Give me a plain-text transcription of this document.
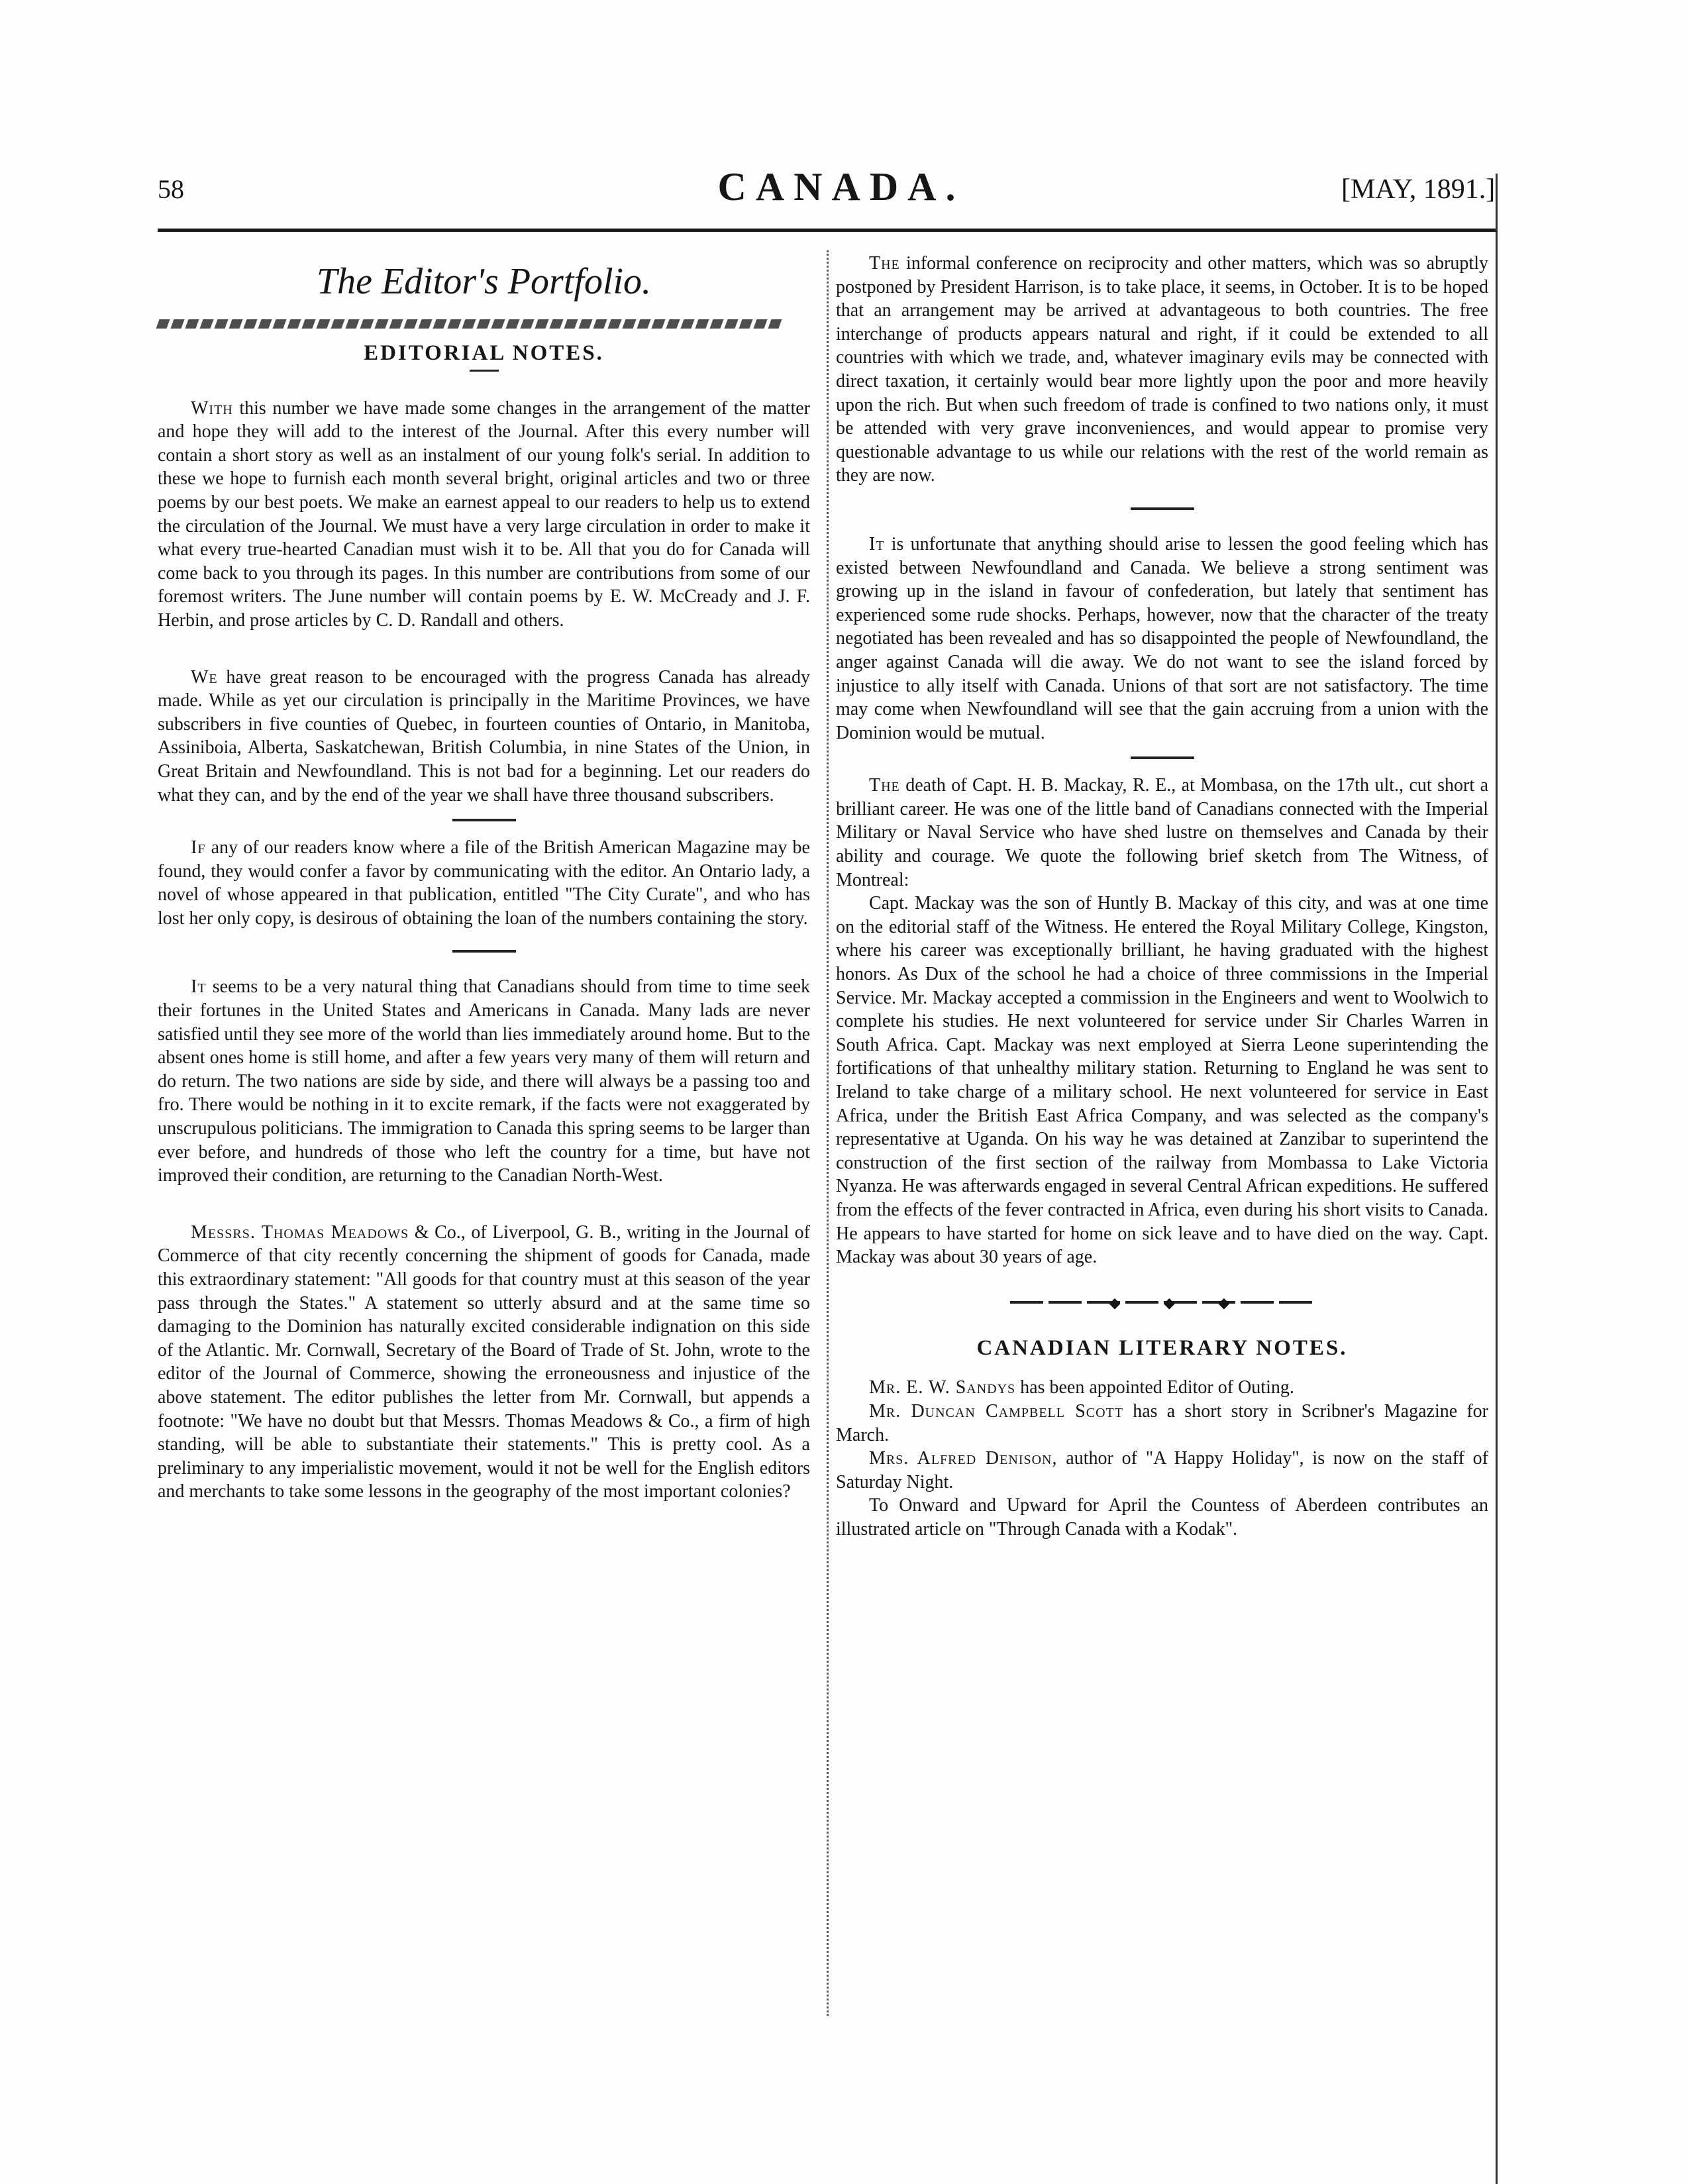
58	CANADA.	[MAY, 1891.]
The Editor's Portfolio.
EDITORIAL NOTES.

With this number we have made some changes in the arrangement of the matter and hope they will add to the interest of the Journal. After this every number will contain a short story as well as an instalment of our young folk's serial. In addition to these we hope to furnish each month several bright, original articles and two or three poems by our best poets. We make an earnest appeal to our readers to help us to extend the circulation of the Journal. We must have a very large circulation in order to make it what every true-hearted Canadian must wish it to be. All that you do for Canada will come back to you through its pages. In this number are contributions from some of our foremost writers. The June number will contain poems by E. W. McCready and J. F. Herbin, and prose articles by C. D. Randall and others.

We have great reason to be encouraged with the progress Canada has already made. While as yet our circulation is principally in the Maritime Provinces, we have subscribers in five counties of Quebec, in fourteen counties of Ontario, in Manitoba, Assiniboia, Alberta, Saskatchewan, British Columbia, in nine States of the Union, in Great Britain and Newfoundland. This is not bad for a beginning. Let our readers do what they can, and by the end of the year we shall have three thousand subscribers.

If any of our readers know where a file of the British American Magazine may be found, they would confer a favor by communicating with the editor. An Ontario lady, a novel of whose appeared in that publication, entitled "The City Curate", and who has lost her only copy, is desirous of obtaining the loan of the numbers containing the story.

It seems to be a very natural thing that Canadians should from time to time seek their fortunes in the United States and Americans in Canada. Many lads are never satisfied until they see more of the world than lies immediately around home. But to the absent ones home is still home, and after a few years very many of them will return and do return. The two nations are side by side, and there will always be a passing too and fro. There would be nothing in it to excite remark, if the facts were not exaggerated by unscrupulous politicians. The immigration to Canada this spring seems to be larger than ever before, and hundreds of those who left the country for a time, but have not improved their condition, are returning to the Canadian North-West.

Messrs. Thomas Meadows & Co., of Liverpool, G. B., writing in the Journal of Commerce of that city recently concerning the shipment of goods for Canada, made this extraordinary statement: "All goods for that country must at this season of the year pass through the States." A statement so utterly absurd and at the same time so damaging to the Dominion has naturally excited considerable indignation on this side of the Atlantic. Mr. Cornwall, Secretary of the Board of Trade of St. John, wrote to the editor of the Journal of Commerce, showing the erroneousness and injustice of the above statement. The editor publishes the letter from Mr. Cornwall, but appends a footnote: "We have no doubt but that Messrs. Thomas Meadows & Co., a firm of high standing, will be able to substantiate their statements." This is pretty cool. As a preliminary to any imperialistic movement, would it not be well for the English editors and merchants to take some lessons in the geography of the most important colonies?

The informal conference on reciprocity and other matters, which was so abruptly postponed by President Harrison, is to take place, it seems, in October. It is to be hoped that an arrangement may be arrived at advantageous to both countries. The free interchange of products appears natural and right, if it could be extended to all countries with which we trade, and, whatever imaginary evils may be connected with direct taxation, it certainly would bear more lightly upon the poor and more heavily upon the rich. But when such freedom of trade is confined to two nations only, it must be attended with very grave inconveniences, and would appear to promise very questionable advantage to us while our relations with the rest of the world remain as they are now.

It is unfortunate that anything should arise to lessen the good feeling which has existed between Newfoundland and Canada. We believe a strong sentiment was growing up in the island in favour of confederation, but lately that sentiment has experienced some rude shocks. Perhaps, however, now that the character of the treaty negotiated has been revealed and has so disappointed the people of Newfoundland, the anger against Canada will die away. We do not want to see the island forced by injustice to ally itself with Canada. Unions of that sort are not satisfactory. The time may come when Newfoundland will see that the gain accruing from a union with the Dominion would be mutual.

The death of Capt. H. B. Mackay, R. E., at Mombasa, on the 17th ult., cut short a brilliant career. He was one of the little band of Canadians connected with the Imperial Military or Naval Service who have shed lustre on themselves and Canada by their ability and courage. We quote the following brief sketch from The Witness, of Montreal:

Capt. Mackay was the son of Huntly B. Mackay of this city, and was at one time on the editorial staff of the Witness. He entered the Royal Military College, Kingston, where his career was exceptionally brilliant, he having graduated with the highest honors. As Dux of the school he had a choice of three commissions in the Imperial Service. Mr. Mackay accepted a commission in the Engineers and went to Woolwich to complete his studies. He next volunteered for service under Sir Charles Warren in South Africa. Capt. Mackay was next employed at Sierra Leone superintending the fortifications of that unhealthy military station. Returning to England he was sent to Ireland to take charge of a military school. He next volunteered for service in East Africa, under the British East Africa Company, and was selected as the company's representative at Uganda. On his way he was detained at Zanzibar to superintend the construction of the first section of the railway from Mombassa to Lake Victoria Nyanza. He was afterwards engaged in several Central African expeditions. He suffered from the effects of the fever contracted in Africa, even during his short visits to Canada. He appears to have started for home on sick leave and to have died on the way. Capt. Mackay was about 30 years of age.

◆ ◆ ◆
CANADIAN LITERARY NOTES.

Mr. E. W. Sandys has been appointed Editor of Outing.

Mr. Duncan Campbell Scott has a short story in Scribner's Magazine for March.

Mrs. Alfred Denison, author of "A Happy Holiday", is now on the staff of Saturday Night.

To Onward and Upward for April the Countess of Aberdeen contributes an illustrated article on "Through Canada with a Kodak".
